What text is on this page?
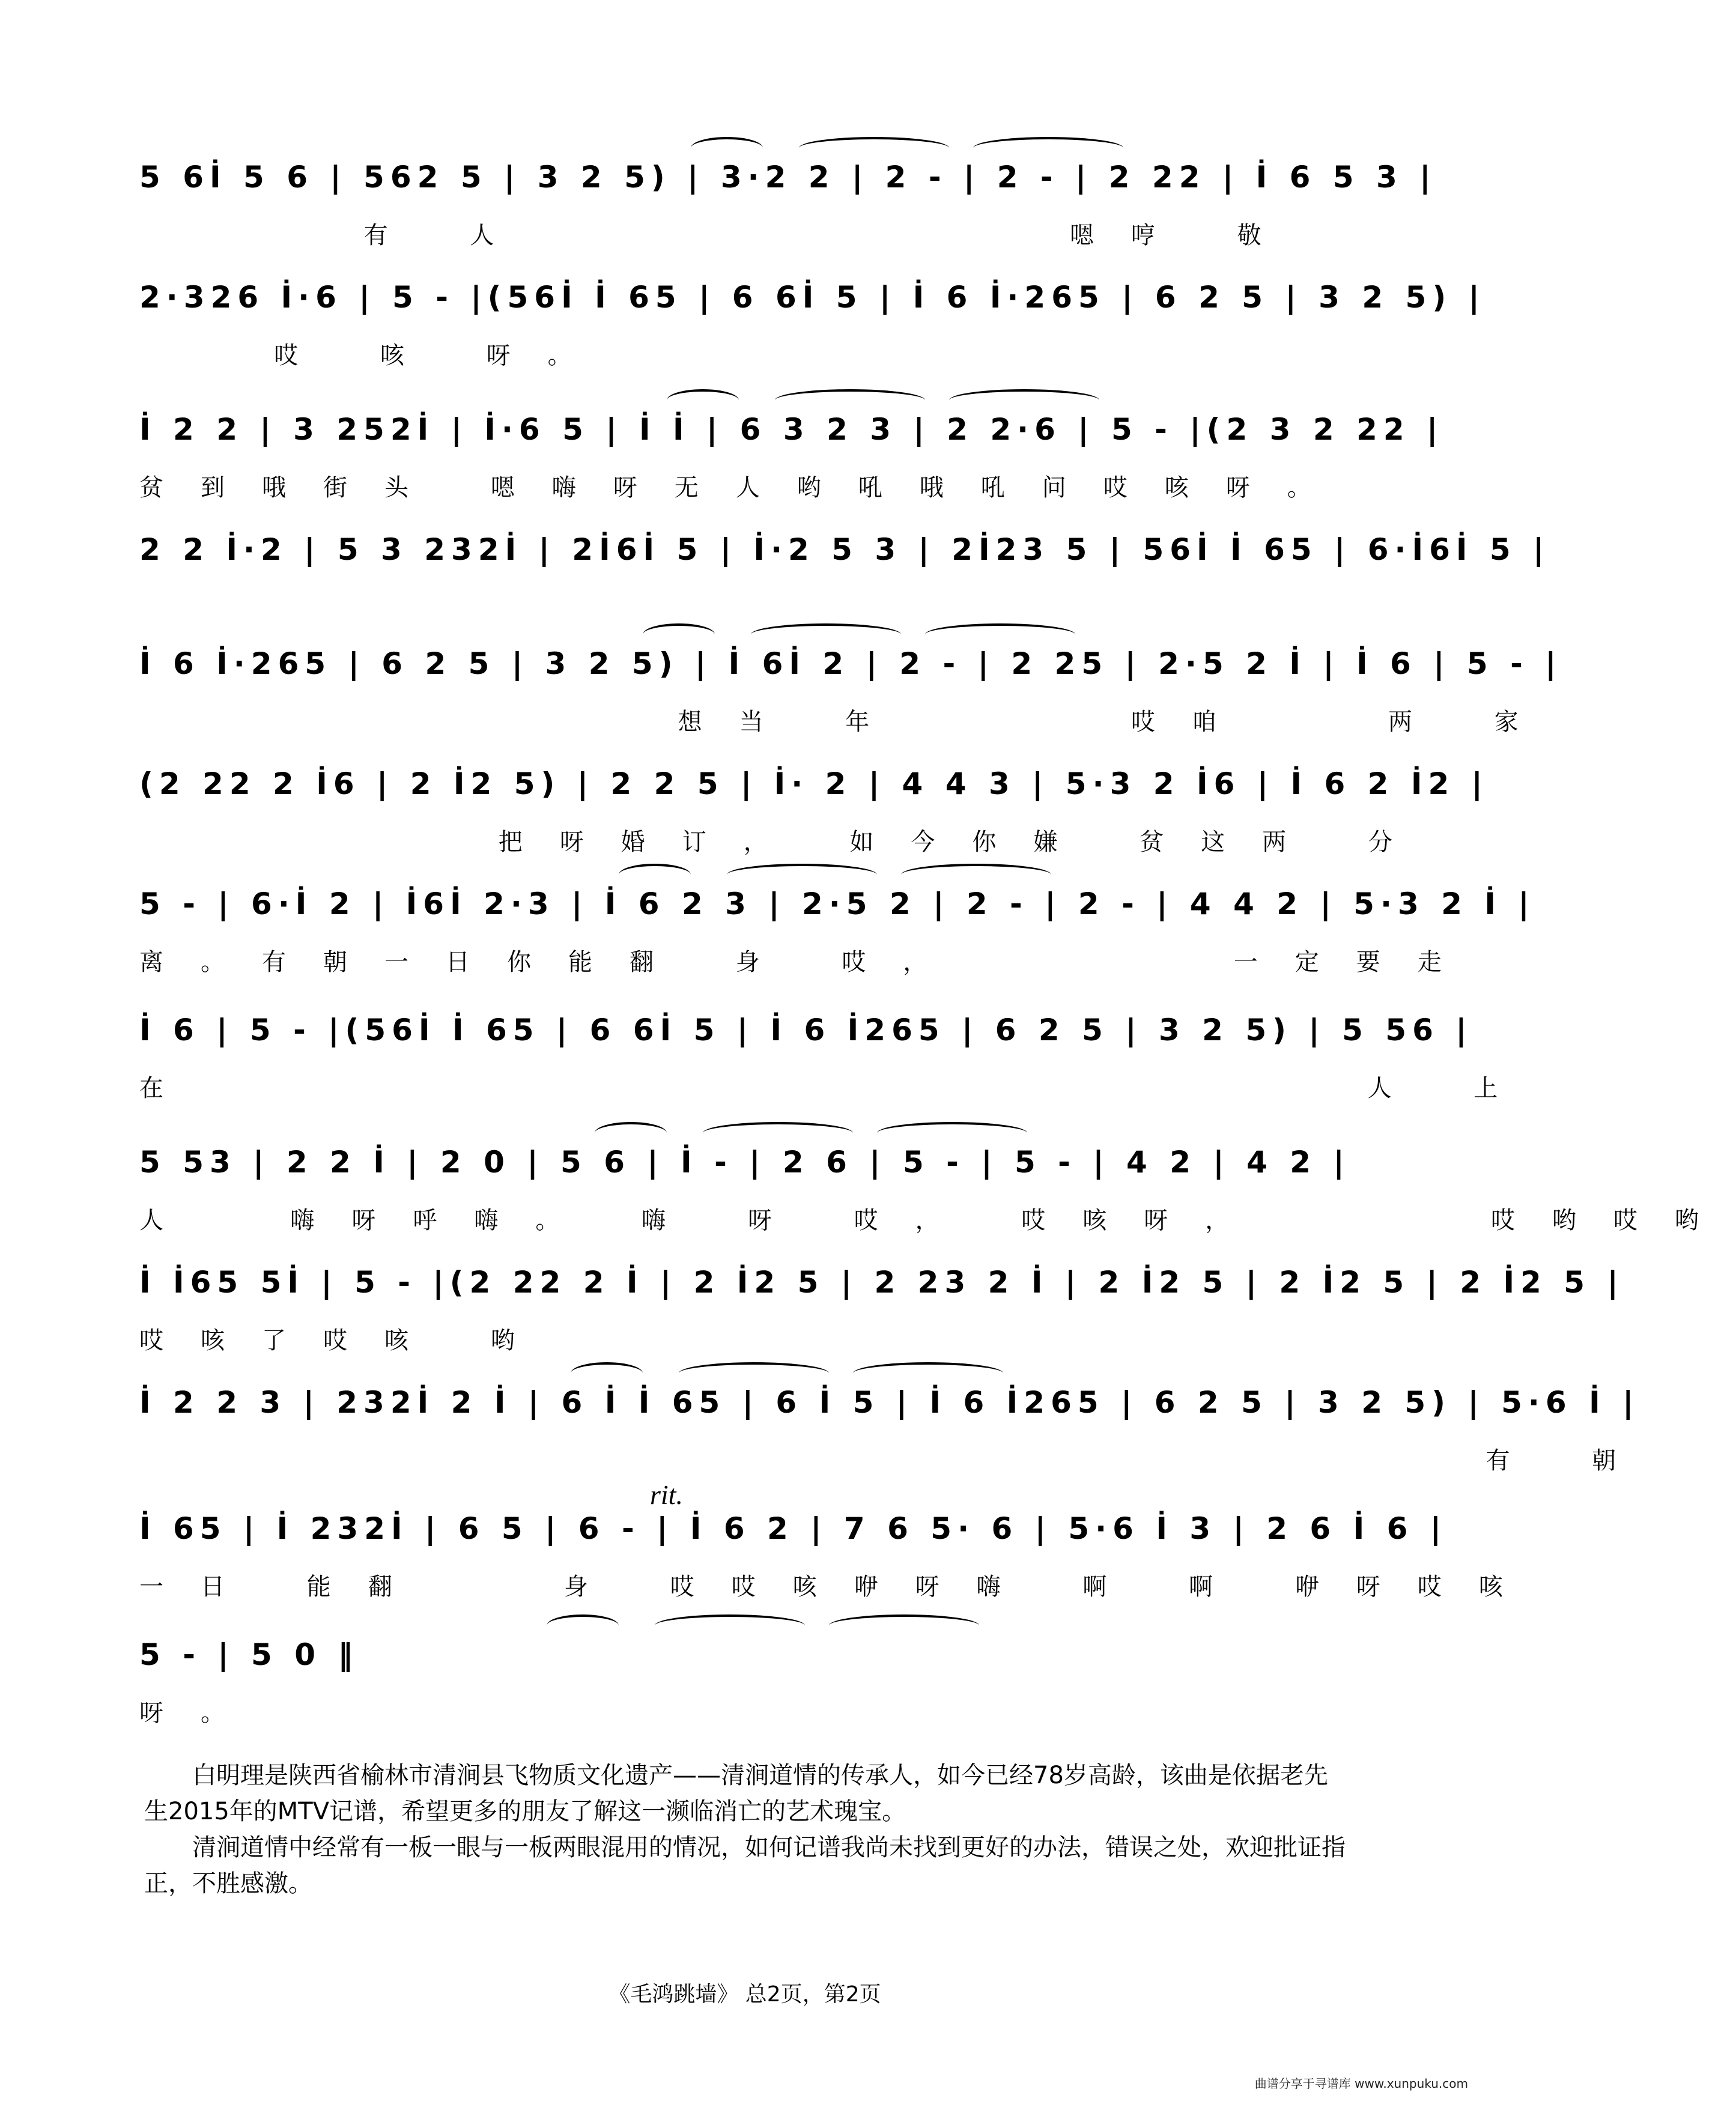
5 6İ 5 6 | 562 5 | 3 2 5) | 3·2 2 | 2 - | 2 - | 2 22 | İ 6 5 3 |
有 人            嗯哼 敬
2·326 İ·6 | 5 - |(56İ İ 65 | 6 6İ 5 | İ 6 İ·265 | 6 2 5 | 3 2 5) |
哎 咳 呀。
İ 2 2 | 3 252İ | İ·6 5 | İ İ | 6 3 2 3 | 2 2·6 | 5 - |(2 3 2 22 |
贫到哦街头 嗯嗨呀无人哟吼哦吼问哎咳呀。
2 2 İ·2 | 5 3 232İ | 2İ6İ 5 | İ·2 5 3 | 2İ23 5 | 56İ İ 65 | 6·İ6İ 5 |
İ 6 İ·265 | 6 2 5 | 3 2 5) | İ 6İ 2 | 2 - | 2 25 | 2·5 2 İ | İ 6 | 5 - |
想当 年     哎咱   两 家
(2 22 2 İ6 | 2 İ2 5) | 2 2 5 | İ· 2 | 4 4 3 | 5·3 2 İ6 | İ 6 2 İ2 |
把呀婚订， 如今你嫌 贫这两 分
5 - | 6·İ 2 | İ6İ 2·3 | İ 6 2 3 | 2·5 2 | 2 - | 2 - | 4 4 2 | 5·3 2 İ |
离。有朝一日你能翻 身 哎，      一定要走
İ 6 | 5 - |(56İ İ 65 | 6 6İ 5 | İ 6 İ265 | 6 2 5 | 3 2 5) | 5 56 |
在                          人 上
5 53 | 2 2 İ | 2 0 | 5 6 | İ - | 2 6 | 5 - | 5 - | 4 2 | 4 2 |
人  嗨呀呼嗨。 嗨 呀 哎， 哎咳呀，     哎哟哎哟
İ İ65 5İ | 5 - |(2 22 2 İ | 2 İ2 5 | 2 23 2 İ | 2 İ2 5 | 2 İ2 5 | 2 İ2 5 |
哎咳了哎咳 哟
İ 2 2 3 | 232İ 2 İ | 6 İ İ 65 | 6 İ 5 | İ 6 İ265 | 6 2 5 | 3 2 5) | 5·6 İ |
有 朝
İ 65 | İ 232İ | 6 5 | 6 - | İ 6 2 | 7 6 5· 6 | 5·6 İ 3 | 2 6 İ 6 |
一日 能翻   身 哎哎咳咿呀嗨 啊 啊 咿呀哎咳
5 - | 5 0 ‖
呀。
rit.

白明理是陕西省榆林市清涧县飞物质文化遗产——清涧道情的传承人，如今已经78岁高龄，该曲是依据老先生2015年的MTV记谱，希望更多的朋友了解这一濒临消亡的艺术瑰宝。

清涧道情中经常有一板一眼与一板两眼混用的情况，如何记谱我尚未找到更好的办法，错误之处，欢迎批证指正，不胜感激。

《毛鸿跳墙》 总2页，第2页
曲谱分享于寻谱库 www.xunpuku.com
